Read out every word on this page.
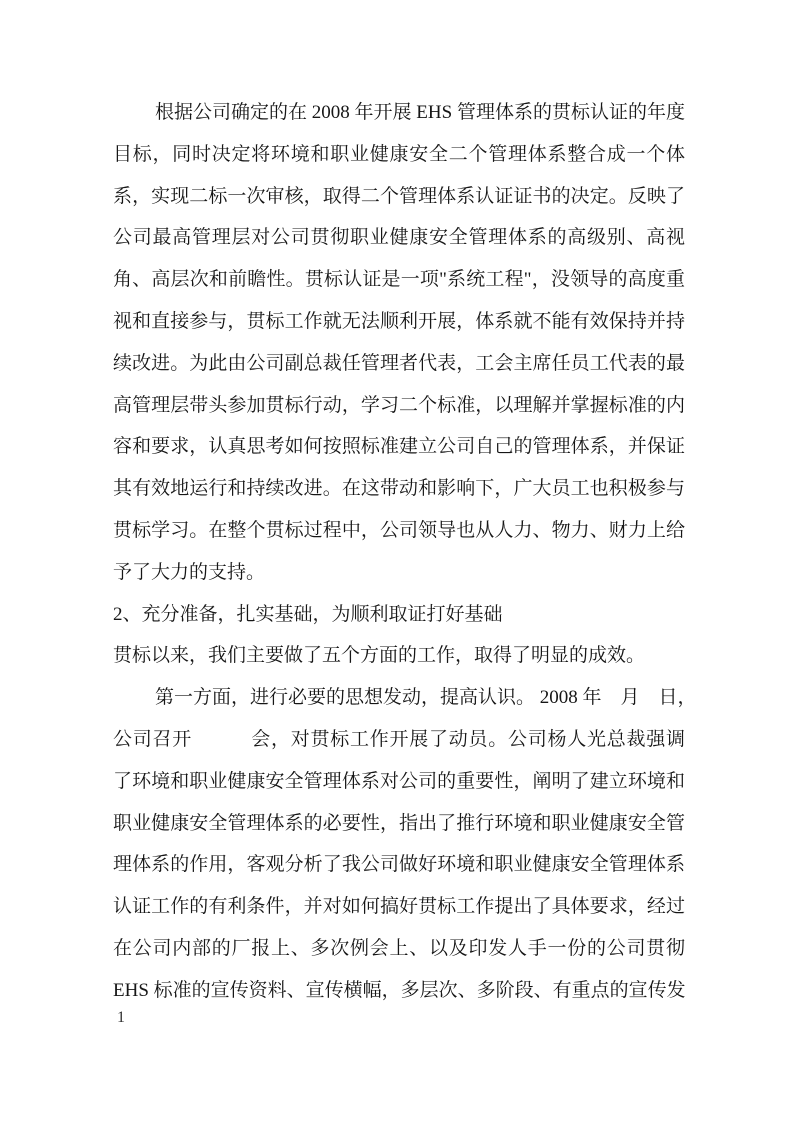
根据公司确定的在 2008 年开展 EHS 管理体系的贯标认证的年度
目标，同时决定将环境和职业健康安全二个管理体系整合成一个体
系，实现二标一次审核，取得二个管理体系认证证书的决定。反映了
公司最高管理层对公司贯彻职业健康安全管理体系的高级别、高视
角、高层次和前瞻性。贯标认证是一项"系统工程"，没领导的高度重
视和直接参与，贯标工作就无法顺利开展，体系就不能有效保持并持
续改进。为此由公司副总裁任管理者代表，工会主席任员工代表的最
高管理层带头参加贯标行动，学习二个标准，以理解并掌握标准的内
容和要求，认真思考如何按照标准建立公司自己的管理体系，并保证
其有效地运行和持续改进。在这带动和影响下，广大员工也积极参与
贯标学习。在整个贯标过程中，公司领导也从人力、物力、财力上给
予了大力的支持。
2、充分准备，扎实基础，为顺利取证打好基础
贯标以来，我们主要做了五个方面的工作，取得了明显的成效。
第一方面，进行必要的思想发动，提高认识。 2008 年　月　日，
公司召开　　　会，对贯标工作开展了动员。公司杨人光总裁强调
了环境和职业健康安全管理体系对公司的重要性，阐明了建立环境和
职业健康安全管理体系的必要性，指出了推行环境和职业健康安全管
理体系的作用，客观分析了我公司做好环境和职业健康安全管理体系
认证工作的有利条件，并对如何搞好贯标工作提出了具体要求，经过
在公司内部的厂报上、多次例会上、以及印发人手一份的公司贯彻
EHS 标准的宣传资料、宣传横幅，多层次、多阶段、有重点的宣传发
1
